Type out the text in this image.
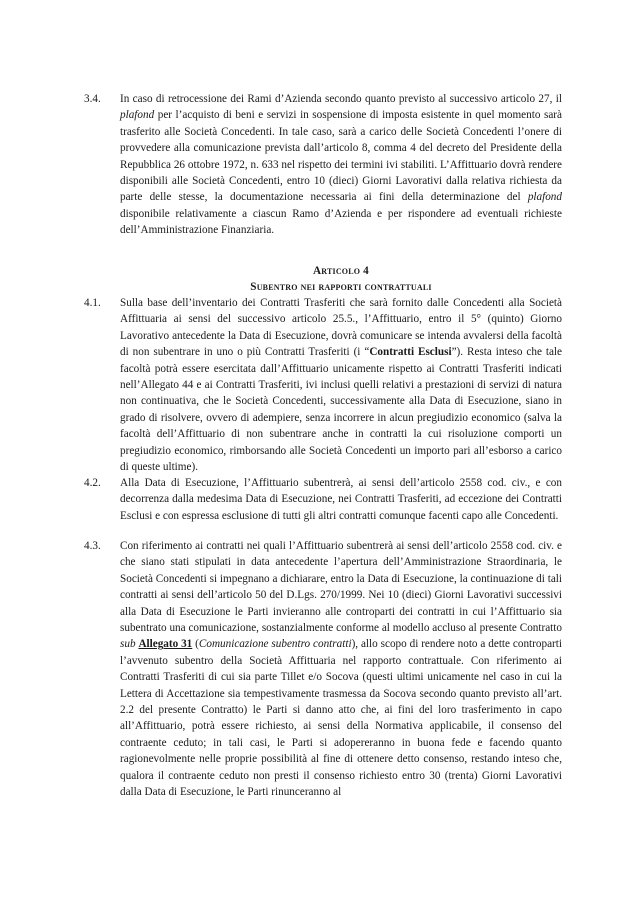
3.4.	In caso di retrocessione dei Rami d’Azienda secondo quanto previsto al successivo articolo 27, il plafond per l’acquisto di beni e servizi in sospensione di imposta esistente in quel momento sarà trasferito alle Società Concedenti. In tale caso, sarà a carico delle Società Concedenti l’onere di provvedere alla comunicazione prevista dall’articolo 8, comma 4 del decreto del Presidente della Repubblica 26 ottobre 1972, n. 633 nel rispetto dei termini ivi stabiliti. L’Affittuario dovrà rendere disponibili alle Società Concedenti, entro 10 (dieci) Giorni Lavorativi dalla relativa richiesta da parte delle stesse, la documentazione necessaria ai fini della determinazione del plafond disponibile relativamente a ciascun Ramo d’Azienda e per rispondere ad eventuali richieste dell’Amministrazione Finanziaria.
Articolo 4
Subentro nei rapporti contrattuali
4.1.	Sulla base dell’inventario dei Contratti Trasferiti che sarà fornito dalle Concedenti alla Società Affittuaria ai sensi del successivo articolo 25.5., l’Affittuario, entro il 5° (quinto) Giorno Lavorativo antecedente la Data di Esecuzione, dovrà comunicare se intenda avvalersi della facoltà di non subentrare in uno o più Contratti Trasferiti (i “Contratti Esclusi”). Resta inteso che tale facoltà potrà essere esercitata dall’Affittuario unicamente rispetto ai Contratti Trasferiti indicati nell’Allegato 44 e ai Contratti Trasferiti, ivi inclusi quelli relativi a prestazioni di servizi di natura non continuativa, che le Società Concedenti, successivamente alla Data di Esecuzione, siano in grado di risolvere, ovvero di adempiere, senza incorrere in alcun pregiudizio economico (salva la facoltà dell’Affittuario di non subentrare anche in contratti la cui risoluzione comporti un pregiudizio economico, rimborsando alle Società Concedenti un importo pari all’esborso a carico di queste ultime).
4.2.	Alla Data di Esecuzione, l’Affittuario subentrerà, ai sensi dell’articolo 2558 cod. civ., e con decorrenza dalla medesima Data di Esecuzione, nei Contratti Trasferiti, ad eccezione dei Contratti Esclusi e con espressa esclusione di tutti gli altri contratti comunque facenti capo alle Concedenti.
4.3.	Con riferimento ai contratti nei quali l’Affittuario subentrerà ai sensi dell’articolo 2558 cod. civ. e che siano stati stipulati in data antecedente l’apertura dell’Amministrazione Straordinaria, le Società Concedenti si impegnano a dichiarare, entro la Data di Esecuzione, la continuazione di tali contratti ai sensi dell’articolo 50 del D.Lgs. 270/1999. Nei 10 (dieci) Giorni Lavorativi successivi alla Data di Esecuzione le Parti invieranno alle controparti dei contratti in cui l’Affittuario sia subentrato una comunicazione, sostanzialmente conforme al modello accluso al presente Contratto sub Allegato 31 (Comunicazione subentro contratti), allo scopo di rendere noto a dette controparti l’avvenuto subentro della Società Affittuaria nel rapporto contrattuale. Con riferimento ai Contratti Trasferiti di cui sia parte Tillet e/o Socova (questi ultimi unicamente nel caso in cui la Lettera di Accettazione sia tempestivamente trasmessa da Socova secondo quanto previsto all’art. 2.2 del presente Contratto) le Parti si danno atto che, ai fini del loro trasferimento in capo all’Affittuario, potrà essere richiesto, ai sensi della Normativa applicabile, il consenso del contraente ceduto; in tali casi, le Parti si adopereranno in buona fede e facendo quanto ragionevolmente nelle proprie possibilità al fine di ottenere detto consenso, restando inteso che, qualora il contraente ceduto non presti il consenso richiesto entro 30 (trenta) Giorni Lavorativi dalla Data di Esecuzione, le Parti rinunceranno al
